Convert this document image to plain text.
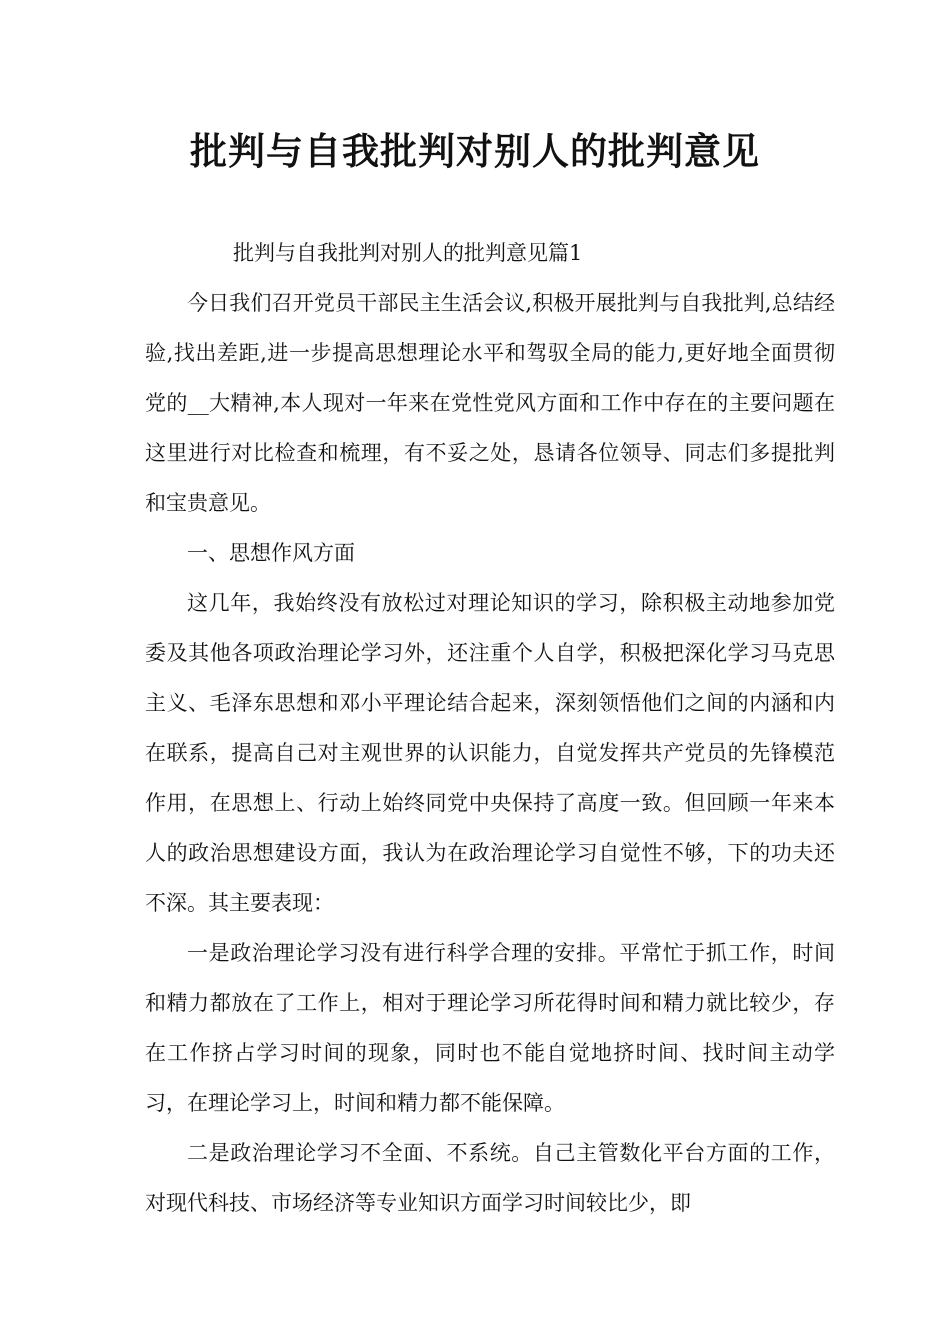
批判与自我批判对别人的批判意见

批判与自我批判对别人的批判意见篇1

今日我们召开党员干部民主生活会议,积极开展批判与自我批判,总结经验,找出差距,进一步提高思想理论水平和驾驭全局的能力,更好地全面贯彻党的__大精神,本人现对一年来在党性党风方面和工作中存在的主要问题在这里进行对比检查和梳理，有不妥之处，恳请各位领导、同志们多提批判和宝贵意见。

一、思想作风方面

这几年，我始终没有放松过对理论知识的学习，除积极主动地参加党委及其他各项政治理论学习外，还注重个人自学，积极把深化学习马克思主义、毛泽东思想和邓小平理论结合起来，深刻领悟他们之间的内涵和内在联系，提高自己对主观世界的认识能力，自觉发挥共产党员的先锋模范作用，在思想上、行动上始终同党中央保持了高度一致。但回顾一年来本人的政治思想建设方面，我认为在政治理论学习自觉性不够，下的功夫还不深。其主要表现：

一是政治理论学习没有进行科学合理的安排。平常忙于抓工作，时间和精力都放在了工作上，相对于理论学习所花得时间和精力就比较少，存在工作挤占学习时间的现象，同时也不能自觉地挤时间、找时间主动学习，在理论学习上，时间和精力都不能保障。

二是政治理论学习不全面、不系统。自己主管数化平台方面的工作，对现代科技、市场经济等专业知识方面学习时间较比少，即
